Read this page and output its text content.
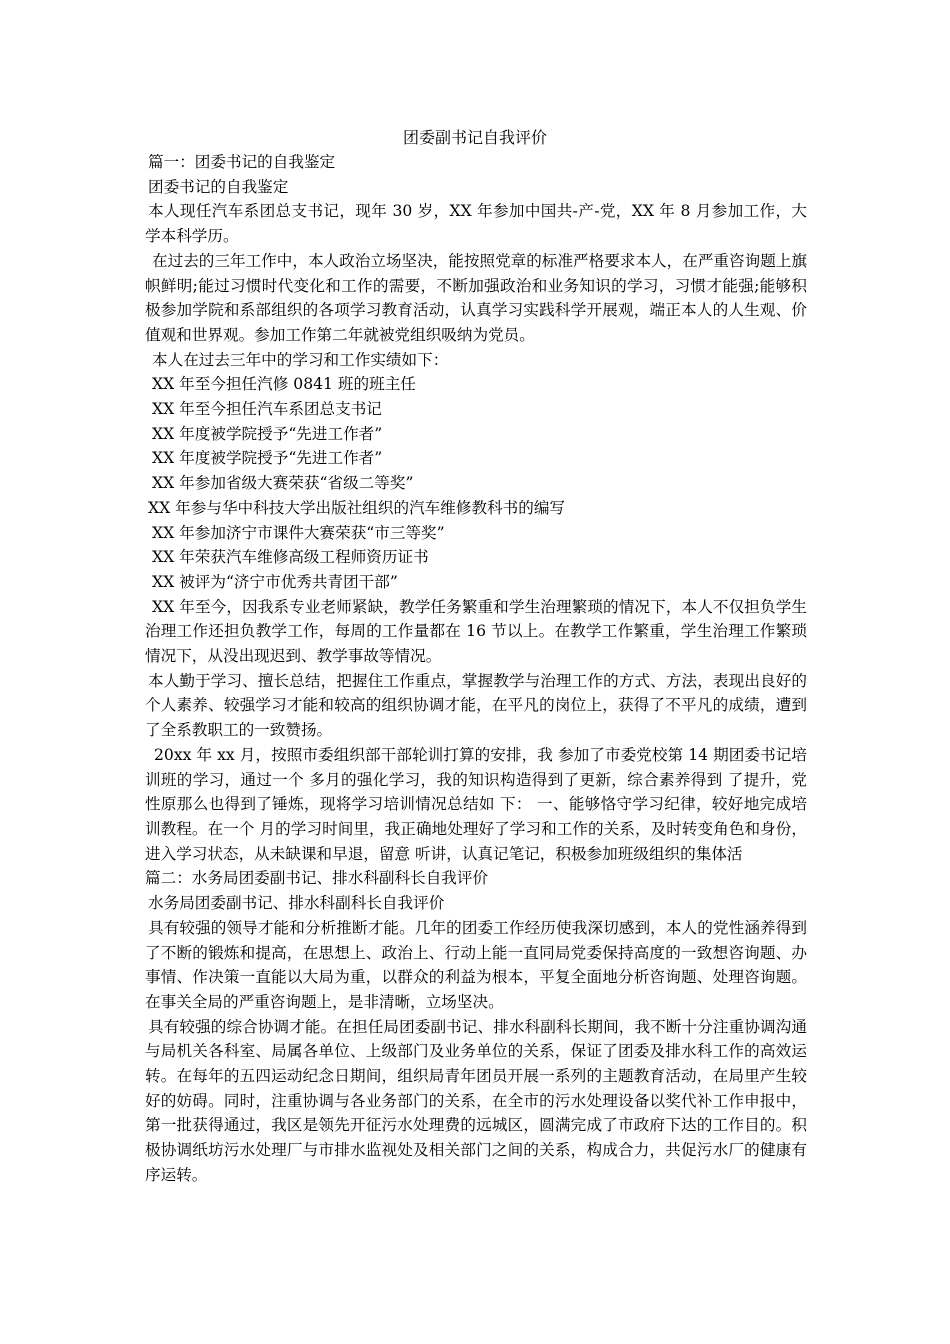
团委副书记自我评价

篇一：团委书记的自我鉴定

团委书记的自我鉴定

本人现任汽车系团总支书记，现年 30 岁，XX 年参加中国共-产-党，XX 年 8 月参加工作，大学本科学历。

在过去的三年工作中，本人政治立场坚决，能按照党章的标准严格要求本人，在严重咨询题上旗帜鲜明;能过习惯时代变化和工作的需要，不断加强政治和业务知识的学习，习惯才能强;能够积极参加学院和系部组织的各项学习教育活动，认真学习实践科学开展观，端正本人的人生观、价值观和世界观。参加工作第二年就被党组织吸纳为党员。

本人在过去三年中的学习和工作实绩如下：

XX 年至今担任汽修 0841 班的班主任

XX 年至今担任汽车系团总支书记

XX 年度被学院授予“先进工作者”

XX 年度被学院授予“先进工作者”

XX 年参加省级大赛荣获“省级二等奖”

XX 年参与华中科技大学出版社组织的汽车维修教科书的编写

XX 年参加济宁市课件大赛荣获“市三等奖”

XX 年荣获汽车维修高级工程师资历证书

XX 被评为“济宁市优秀共青团干部”

XX 年至今，因我系专业老师紧缺，教学任务繁重和学生治理繁琐的情况下，本人不仅担负学生治理工作还担负教学工作，每周的工作量都在 16 节以上。在教学工作繁重，学生治理工作繁琐情况下，从没出现迟到、教学事故等情况。

本人勤于学习、擅长总结，把握住工作重点，掌握教学与治理工作的方式、方法，表现出良好的个人素养、较强学习才能和较高的组织协调才能，在平凡的岗位上，获得了不平凡的成绩，遭到了全系教职工的一致赞扬。

20xx 年 xx 月，按照市委组织部干部轮训打算的安排，我 参加了市委党校第 14 期团委书记培训班的学习，通过一个 多月的强化学习，我的知识构造得到了更新，综合素养得到 了提升，党性原那么也得到了锤炼，现将学习培训情况总结如 下： 一、能够恪守学习纪律，较好地完成培训教程。在一个 月的学习时间里，我正确地处理好了学习和工作的关系，及时转变角色和身份，进入学习状态，从未缺课和早退，留意 听讲，认真记笔记，积极参加班级组织的集体活

篇二：水务局团委副书记、排水科副科长自我评价

水务局团委副书记、排水科副科长自我评价

具有较强的领导才能和分析推断才能。几年的团委工作经历使我深切感到，本人的党性涵养得到了不断的锻炼和提高，在思想上、政治上、行动上能一直同局党委保持高度的一致想咨询题、办事情、作决策一直能以大局为重，以群众的利益为根本，平复全面地分析咨询题、处理咨询题。在事关全局的严重咨询题上，是非清晰，立场坚决。

具有较强的综合协调才能。在担任局团委副书记、排水科副科长期间，我不断十分注重协调沟通与局机关各科室、局属各单位、上级部门及业务单位的关系，保证了团委及排水科工作的高效运转。在每年的五四运动纪念日期间，组织局青年团员开展一系列的主题教育活动，在局里产生较好的妨碍。同时，注重协调与各业务部门的关系，在全市的污水处理设备以奖代补工作申报中，第一批获得通过，我区是领先开征污水处理费的远城区，圆满完成了市政府下达的工作目的。积极协调纸坊污水处理厂与市排水监视处及相关部门之间的关系，构成合力，共促污水厂的健康有序运转。
